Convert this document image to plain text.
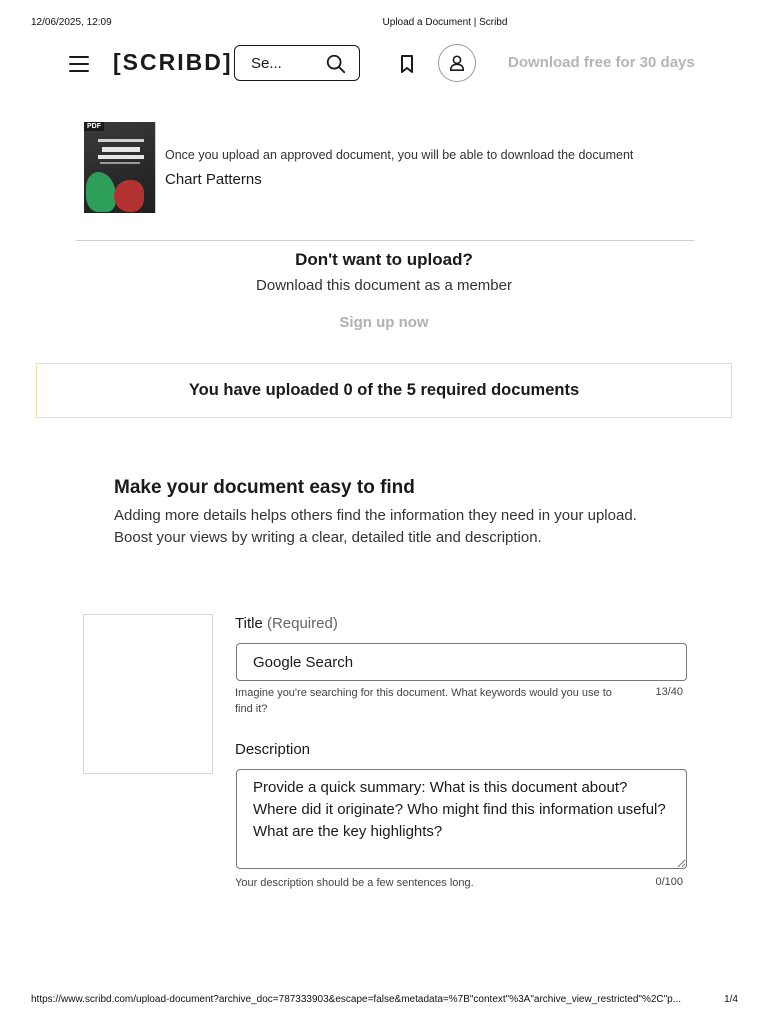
12/06/2025, 12:09	Upload a Document | Scribd
[SCRIBD] Se...	Download free for 30 days
PDF
Once you upload an approved document, you will be able to download the document
Chart Patterns
Don't want to upload?
Download this document as a member
Sign up now
You have uploaded 0 of the 5 required documents
Make your document easy to find
Adding more details helps others find the information they need in your upload. Boost your views by writing a clear, detailed title and description.
Title (Required)
Google Search
Imagine you're searching for this document. What keywords would you use to find it?
13/40
Description
Provide a quick summary: What is this document about? Where did it originate? Who might find this information useful? What are the key highlights?
Your description should be a few sentences long.	0/100
https://www.scribd.com/upload-document?archive_doc=787333903&escape=false&metadata=%7B"context"%3A"archive_view_restricted"%2C"p...	1/4
